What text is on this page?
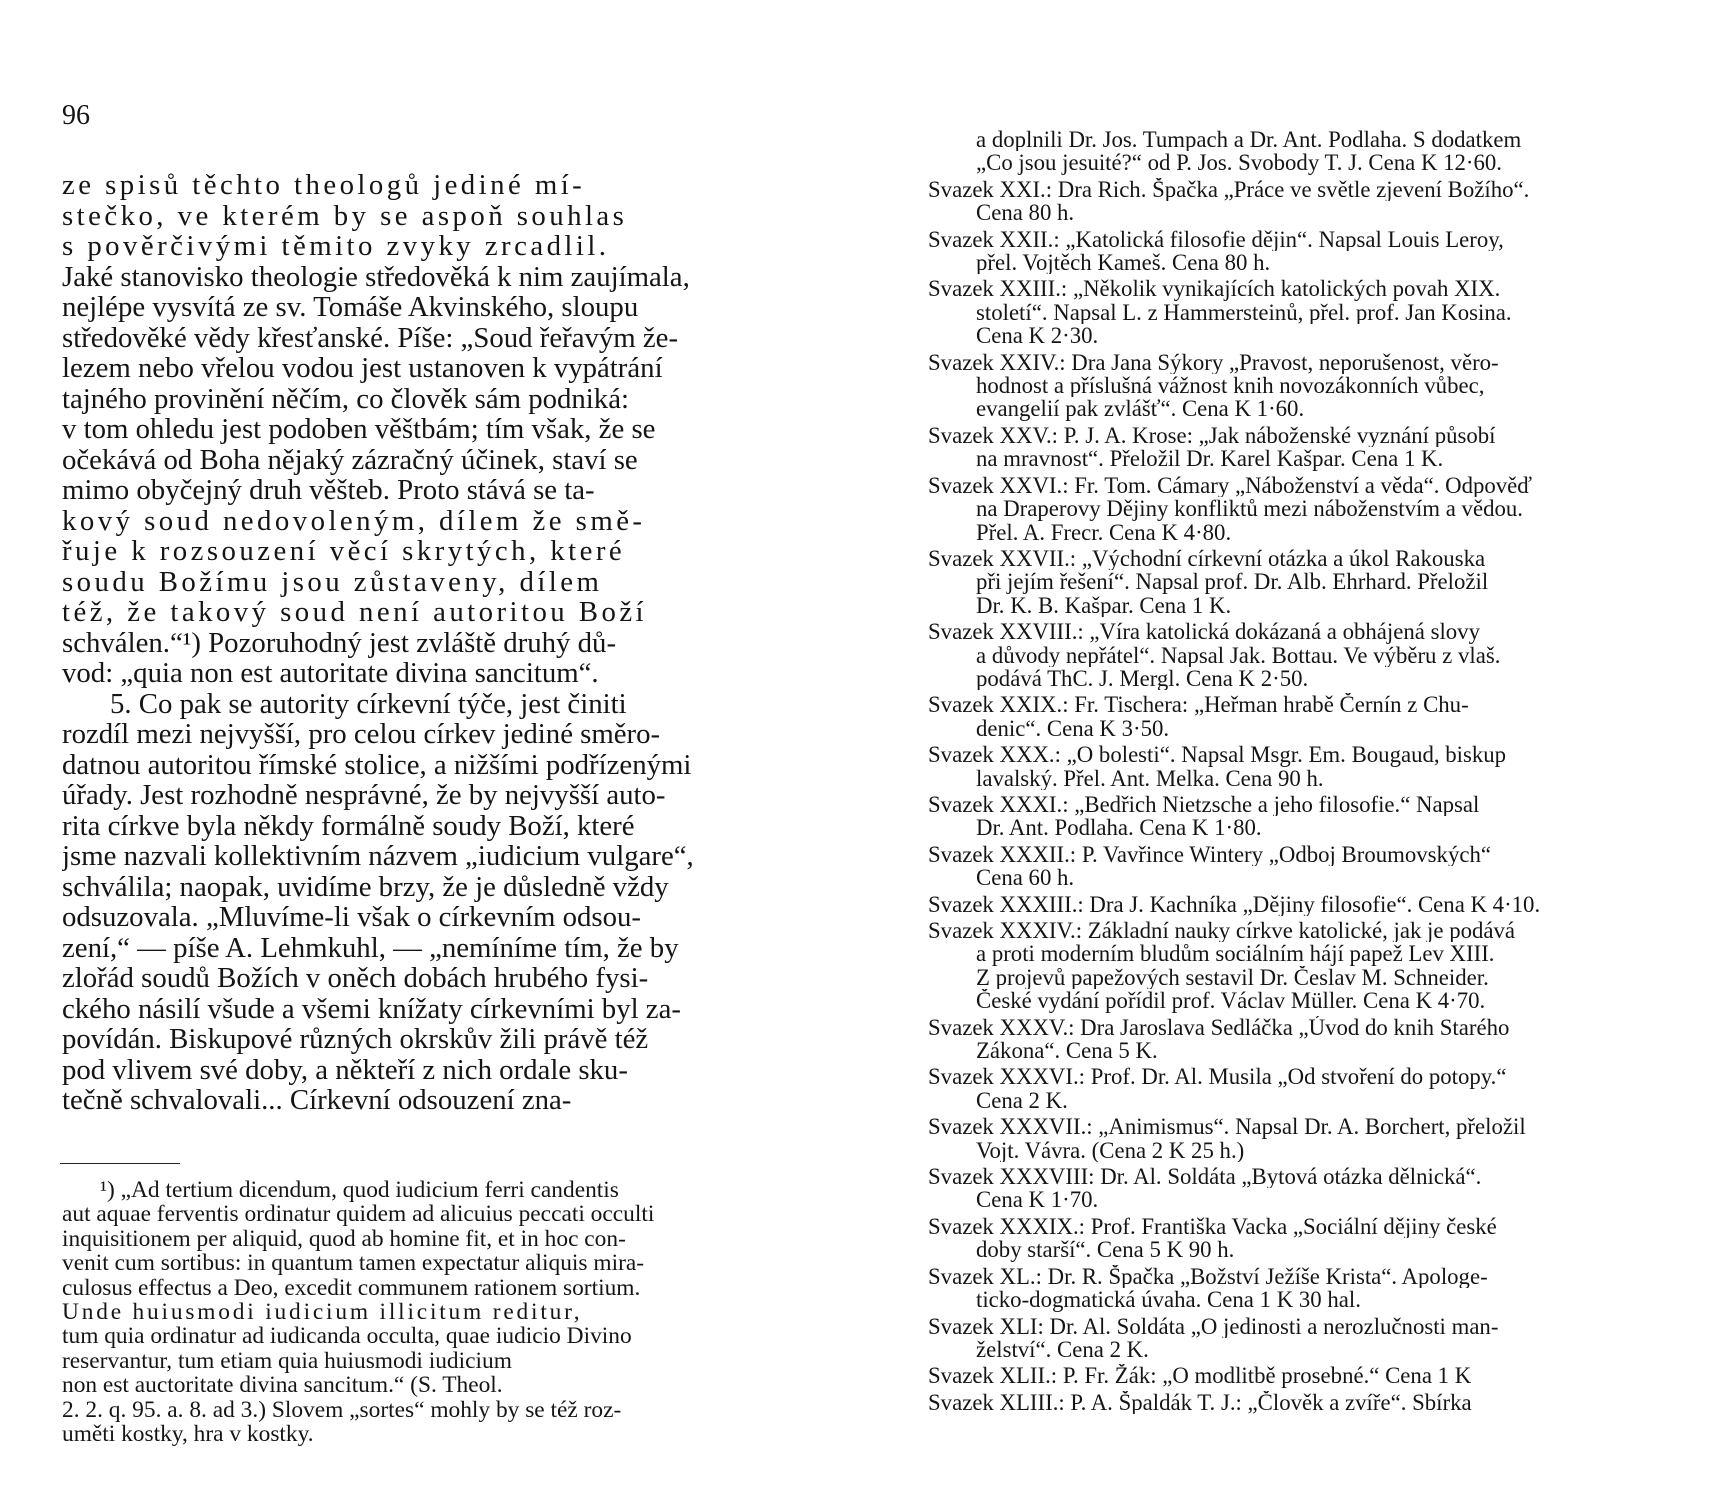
96
ze spisů těchto theologů jediné mí-
stečko, ve kterém by se aspoň souhlas
s pověrčivými těmito zvyky zrcadlil.
Jaké stanovisko theologie středověká k nim zaujímala,
nejlépe vysvítá ze sv. Tomáše Akvinského, sloupu
středověké vědy křesťanské. Píše: „Soud řeřavým že-
lezem nebo vřelou vodou jest ustanoven k vypátrání
tajného provinění něčím, co člověk sám podniká:
v tom ohledu jest podoben věštbám; tím však, že se
očekává od Boha nějaký zázračný účinek, staví se
mimo obyčejný druh věšteb. Proto stává se ta-
kový soud nedovoleným, dílem že smě-
řuje k rozsouzení věcí skrytých, které
soudu Božímu jsou zůstaveny, dílem
též, že takový soud není autoritou Boží
schválen.“¹) Pozoruhodný jest zvláště druhý dů-
vod: „quia non est autoritate divina sancitum“.
5. Co pak se autority církevní týče, jest činiti
rozdíl mezi nejvyšší, pro celou církev jediné směro-
datnou autoritou římské stolice, a nižšími podřízenými
úřady. Jest rozhodně nesprávné, že by nejvyšší auto-
rita církve byla někdy formálně soudy Boží, které
jsme nazvali kollektivním názvem „iudicium vulgare“,
schválila; naopak, uvidíme brzy, že je důsledně vždy
odsuzovala. „Mluvíme-li však o církevním odsou-
zení,“ — píše A. Lehmkuhl, — „nemíníme tím, že by
zlořád soudů Božích v oněch dobách hrubého fysi-
ckého násilí všude a všemi knížaty církevními byl za-
povídán. Biskupové různých okrskův žili právě též
pod vlivem své doby, a někteří z nich ordale sku-
tečně schvalovali... Církevní odsouzení zna-
¹) „Ad tertium dicendum, quod iudicium ferri candentis
aut aquae ferventis ordinatur quidem ad alicuius peccati occulti
inquisitionem per aliquid, quod ab homine fit, et in hoc con-
venit cum sortibus: in quantum tamen expectatur aliquis mira-
culosus effectus a Deo, excedit communem rationem sortium.
Unde huiusmodi iudicium illicitum reditur,
tum quia ordinatur ad iudicanda occulta, quae iudicio Divino
reservantur, tum etiam quia huiusmodi iudicium
non est auctoritate divina sancitum.“ (S. Theol.
2. 2. q. 95. a. 8. ad 3.) Slovem „sortes“ mohly by se též roz-
uměti kostky, hra v kostky.
a doplnili Dr. Jos. Tumpach a Dr. Ant. Podlaha. S dodatkem
„Co jsou jesuité?“ od P. Jos. Svobody T. J. Cena K 12·60.
Svazek XXI.: Dra Rich. Špačka „Práce ve světle zjevení Božího“.
Cena 80 h.
Svazek XXII.: „Katolická filosofie dějin“. Napsal Louis Leroy,
přel. Vojtěch Kameš. Cena 80 h.
Svazek XXIII.: „Několik vynikajících katolických povah XIX.
století“. Napsal L. z Hammersteinů, přel. prof. Jan Kosina.
Cena K 2·30.
Svazek XXIV.: Dra Jana Sýkory „Pravost, neporušenost, věro-
hodnost a příslušná vážnost knih novozákonních vůbec,
evangelií pak zvlášť“. Cena K 1·60.
Svazek XXV.: P. J. A. Krose: „Jak náboženské vyznání působí
na mravnost“. Přeložil Dr. Karel Kašpar. Cena 1 K.
Svazek XXVI.: Fr. Tom. Cámary „Náboženství a věda“. Odpověď
na Draperovy Dějiny konfliktů mezi náboženstvím a vědou.
Přel. A. Frecr. Cena K 4·80.
Svazek XXVII.: „Východní církevní otázka a úkol Rakouska
při jejím řešení“. Napsal prof. Dr. Alb. Ehrhard. Přeložil
Dr. K. B. Kašpar. Cena 1 K.
Svazek XXVIII.: „Víra katolická dokázaná a obhájená slovy
a důvody nepřátel“. Napsal Jak. Bottau. Ve výběru z vlaš.
podává ThC. J. Mergl. Cena K 2·50.
Svazek XXIX.: Fr. Tischera: „Heřman hrabě Černín z Chu-
denic“. Cena K 3·50.
Svazek XXX.: „O bolesti“. Napsal Msgr. Em. Bougaud, biskup
lavalský. Přel. Ant. Melka. Cena 90 h.
Svazek XXXI.: „Bedřich Nietzsche a jeho filosofie.“ Napsal
Dr. Ant. Podlaha. Cena K 1·80.
Svazek XXXII.: P. Vavřince Wintery „Odboj Broumovských“
Cena 60 h.
Svazek XXXIII.: Dra J. Kachníka „Dějiny filosofie“. Cena K 4·10.
Svazek XXXIV.: Základní nauky církve katolické, jak je podává
a proti moderním bludům sociálním hájí papež Lev XIII.
Z projevů papežových sestavil Dr. Česlav M. Schneider.
České vydání pořídil prof. Václav Müller. Cena K 4·70.
Svazek XXXV.: Dra Jaroslava Sedláčka „Úvod do knih Starého
Zákona“. Cena 5 K.
Svazek XXXVI.: Prof. Dr. Al. Musila „Od stvoření do potopy.“
Cena 2 K.
Svazek XXXVII.: „Animismus“. Napsal Dr. A. Borchert, přeložil
Vojt. Vávra. (Cena 2 K 25 h.)
Svazek XXXVIII: Dr. Al. Soldáta „Bytová otázka dělnická“.
Cena K 1·70.
Svazek XXXIX.: Prof. Františka Vacka „Sociální dějiny české
doby starší“. Cena 5 K 90 h.
Svazek XL.: Dr. R. Špačka „Božství Ježíše Krista“. Apologe-
ticko-dogmatická úvaha. Cena 1 K 30 hal.
Svazek XLI: Dr. Al. Soldáta „O jedinosti a nerozlučnosti man-
želství“. Cena 2 K.
Svazek XLII.: P. Fr. Žák: „O modlitbě prosebné.“ Cena 1 K
Svazek XLIII.: P. A. Špaldák T. J.: „Člověk a zvíře“. Sbírka
